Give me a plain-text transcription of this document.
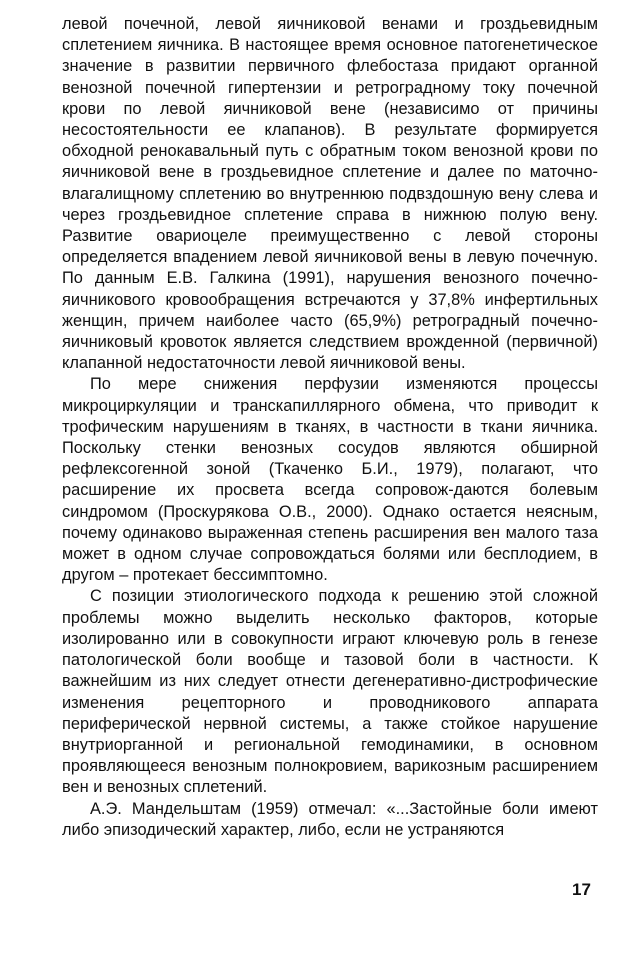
левой почечной, левой яичниковой венами и гроздьевидным сплетением яичника. В настоящее время основное патогенетическое значение в развитии первичного флебостаза придают органной венозной почечной гипертензии и ретроградному току почечной крови по левой яичниковой вене (независимо от причины несостоятельности ее клапанов). В результате формируется обходной ренокавальный путь с обратным током венозной крови по яичниковой вене в гроздьевидное сплетение и далее по маточно-влагалищному сплетению во внутреннюю подвздошную вену слева и через гроздьевидное сплетение справа в нижнюю полую вену. Развитие овариоцеле преимущественно с левой стороны определяется впадением левой яичниковой вены в левую почечную. По данным Е.В. Галкина (1991), нарушения венозного почечно-яичникового кровообращения встречаются у 37,8% инфертильных женщин, причем наиболее часто (65,9%) ретроградный почечно-яичниковый кровоток является следствием врожденной (первичной) клапанной недостаточности левой яичниковой вены.

По мере снижения перфузии изменяются процессы микроциркуляции и транскапиллярного обмена, что приводит к трофическим нарушениям в тканях, в частности в ткани яичника. Поскольку стенки венозных сосудов являются обширной рефлексогенной зоной (Ткаченко Б.И., 1979), полагают, что расширение их просвета всегда сопровож-даются болевым синдромом (Проскурякова О.В., 2000). Однако остается неясным, почему одинаково выраженная степень расширения вен малого таза может в одном случае сопровождаться болями или бесплодием, в другом – протекает бессимптомно.

С позиции этиологического подхода к решению этой сложной проблемы можно выделить несколько факторов, которые изолированно или в совокупности играют ключевую роль в генезе патологической боли вообще и тазовой боли в частности. К важнейшим из них следует отнести дегенеративно-дистрофические изменения рецепторного и проводникового аппарата периферической нервной системы, а также стойкое нарушение внутриорганной и региональной гемодинамики, в основном проявляющееся венозным полнокровием, варикозным расширением вен и венозных сплетений.

А.Э. Мандельштам (1959) отмечал: «...Застойные боли имеют либо эпизодический характер, либо, если не устраняются

17
